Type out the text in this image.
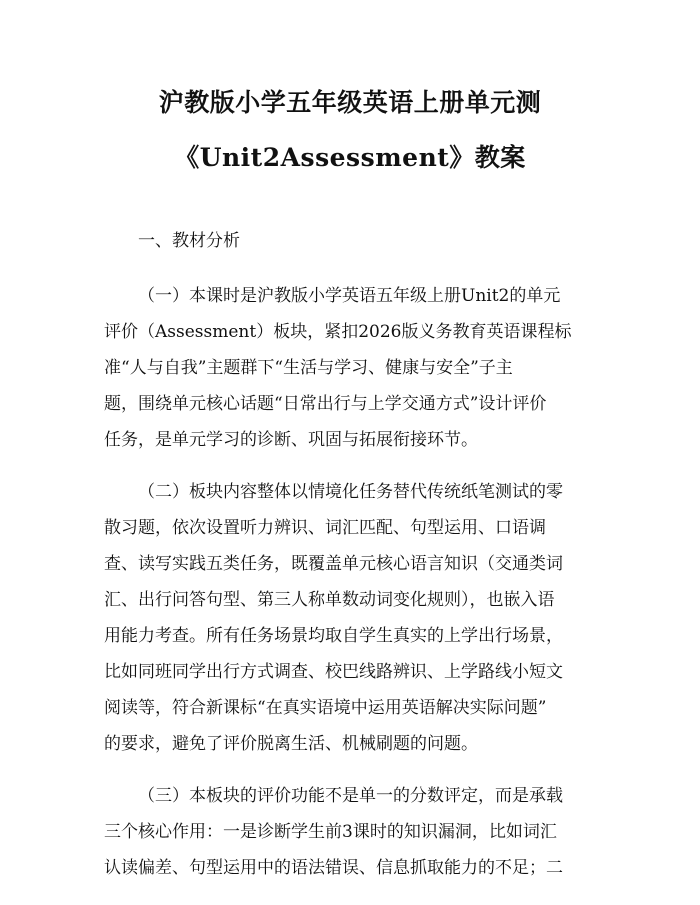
沪教版小学五年级英语上册单元测
《Unit2Assessment》教案
一、教材分析

（一）本课时是沪教版小学英语五年级上册Unit2的单元
评价（Assessment）板块，紧扣2026版义务教育英语课程标
准“人与自我”主题群下“生活与学习、健康与安全”子主
题，围绕单元核心话题“日常出行与上学交通方式”设计评价
任务，是单元学习的诊断、巩固与拓展衔接环节。

（二）板块内容整体以情境化任务替代传统纸笔测试的零
散习题，依次设置听力辨识、词汇匹配、句型运用、口语调
查、读写实践五类任务，既覆盖单元核心语言知识（交通类词
汇、出行问答句型、第三人称单数动词变化规则），也嵌入语
用能力考查。所有任务场景均取自学生真实的上学出行场景，
比如同班同学出行方式调查、校巴线路辨识、上学路线小短文
阅读等，符合新课标“在真实语境中运用英语解决实际问题”
的要求，避免了评价脱离生活、机械刷题的问题。

（三）本板块的评价功能不是单一的分数评定，而是承载
三个核心作用：一是诊断学生前3课时的知识漏洞，比如词汇
认读偏差、句型运用中的语法错误、信息抓取能力的不足；二
